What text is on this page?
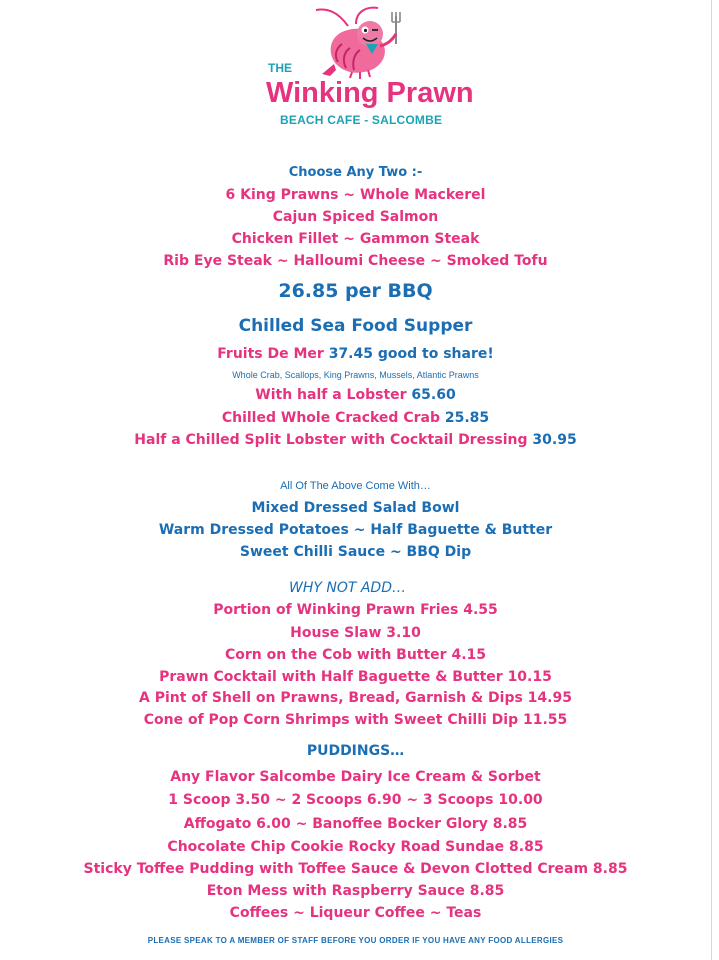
THE
Winking Prawn
BEACH CAFE - SALCOMBE
Choose Any Two :-
6 King Prawns ~ Whole Mackerel
Cajun Spiced Salmon
Chicken Fillet ~ Gammon Steak
Rib Eye Steak ~ Halloumi Cheese ~ Smoked Tofu
26.85 per BBQ
Chilled Sea Food Supper
Fruits De Mer 37.45 good to share!
Whole Crab, Scallops, King Prawns, Mussels, Atlantic Prawns
With half a Lobster 65.60
Chilled Whole Cracked Crab 25.85
Half a Chilled Split Lobster with Cocktail Dressing 30.95
All Of The Above Come With…
Mixed Dressed Salad Bowl
Warm Dressed Potatoes ~ Half Baguette & Butter
Sweet Chilli Sauce ~ BBQ Dip
WHY NOT ADD…
Portion of Winking Prawn Fries 4.55
House Slaw 3.10
Corn on the Cob with Butter 4.15
Prawn Cocktail with Half Baguette & Butter 10.15
A Pint of Shell on Prawns, Bread, Garnish & Dips 14.95
Cone of Pop Corn Shrimps with Sweet Chilli Dip 11.55
PUDDINGS…
Any Flavor Salcombe Dairy Ice Cream & Sorbet
1 Scoop 3.50 ~ 2 Scoops 6.90 ~ 3 Scoops 10.00
Affogato 6.00 ~ Banoffee Bocker Glory 8.85
Chocolate Chip Cookie Rocky Road Sundae 8.85
Sticky Toffee Pudding with Toffee Sauce & Devon Clotted Cream 8.85
Eton Mess with Raspberry Sauce 8.85
Coffees ~ Liqueur Coffee ~ Teas
PLEASE SPEAK TO A MEMBER OF STAFF BEFORE YOU ORDER IF YOU HAVE ANY FOOD ALLERGIES
